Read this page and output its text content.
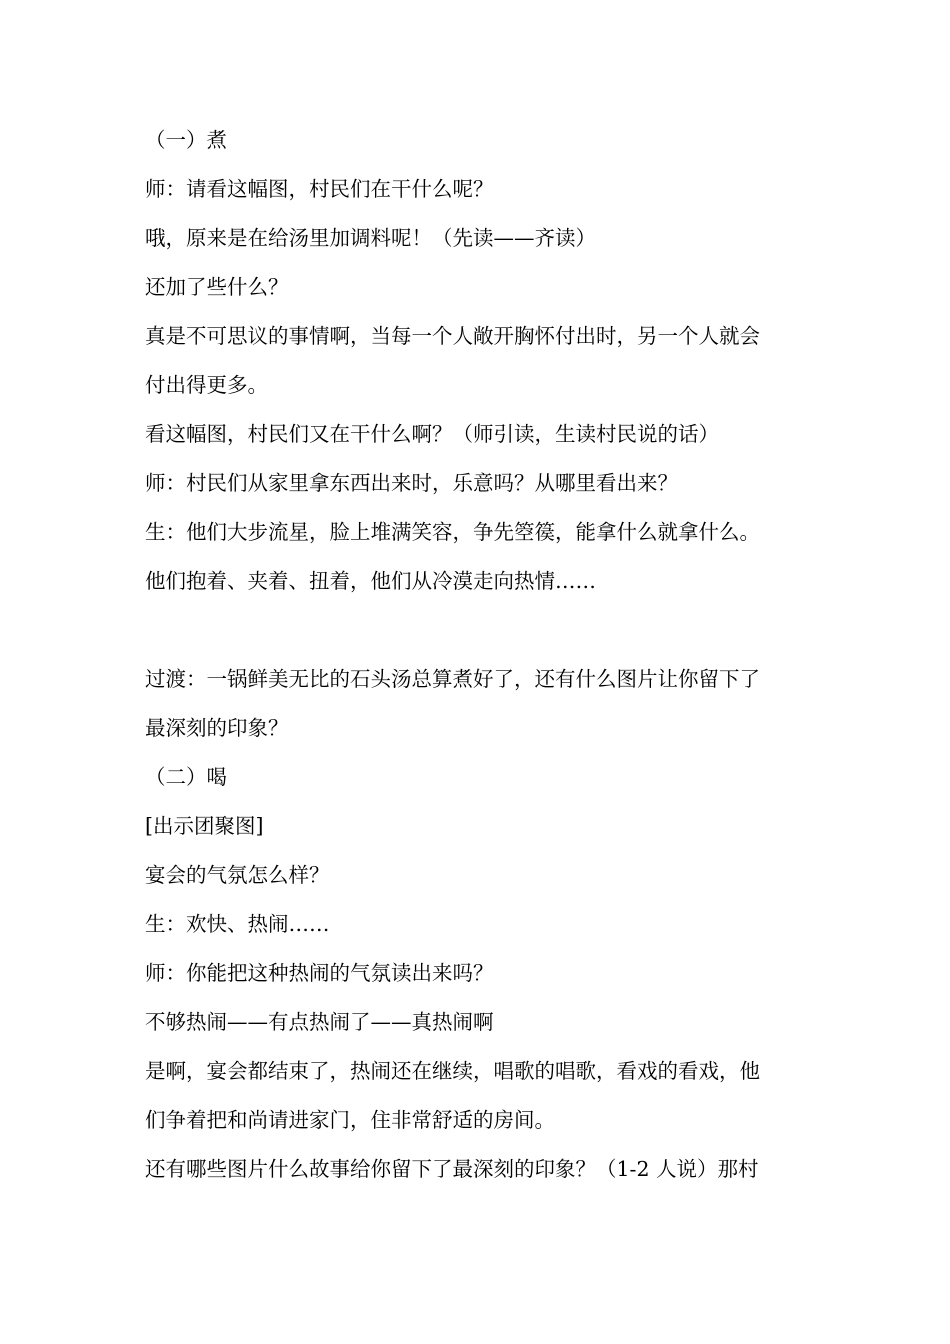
（一）煮
师：请看这幅图，村民们在干什么呢？
哦，原来是在给汤里加调料呢！（先读——齐读）
还加了些什么？
真是不可思议的事情啊，当每一个人敞开胸怀付出时，另一个人就会
付出得更多。
看这幅图，村民们又在干什么啊？（师引读，生读村民说的话）
师：村民们从家里拿东西出来时，乐意吗？从哪里看出来？
生：他们大步流星，脸上堆满笑容，争先箜篌，能拿什么就拿什么。
他们抱着、夹着、扭着，他们从冷漠走向热情……
过渡：一锅鲜美无比的石头汤总算煮好了，还有什么图片让你留下了
最深刻的印象？
（二）喝
[出示团聚图]
宴会的气氛怎么样？
生：欢快、热闹……
师：你能把这种热闹的气氛读出来吗？
不够热闹——有点热闹了——真热闹啊
是啊，宴会都结束了，热闹还在继续，唱歌的唱歌，看戏的看戏，他
们争着把和尚请进家门，住非常舒适的房间。
还有哪些图片什么故事给你留下了最深刻的印象？（1-2 人说）那村
